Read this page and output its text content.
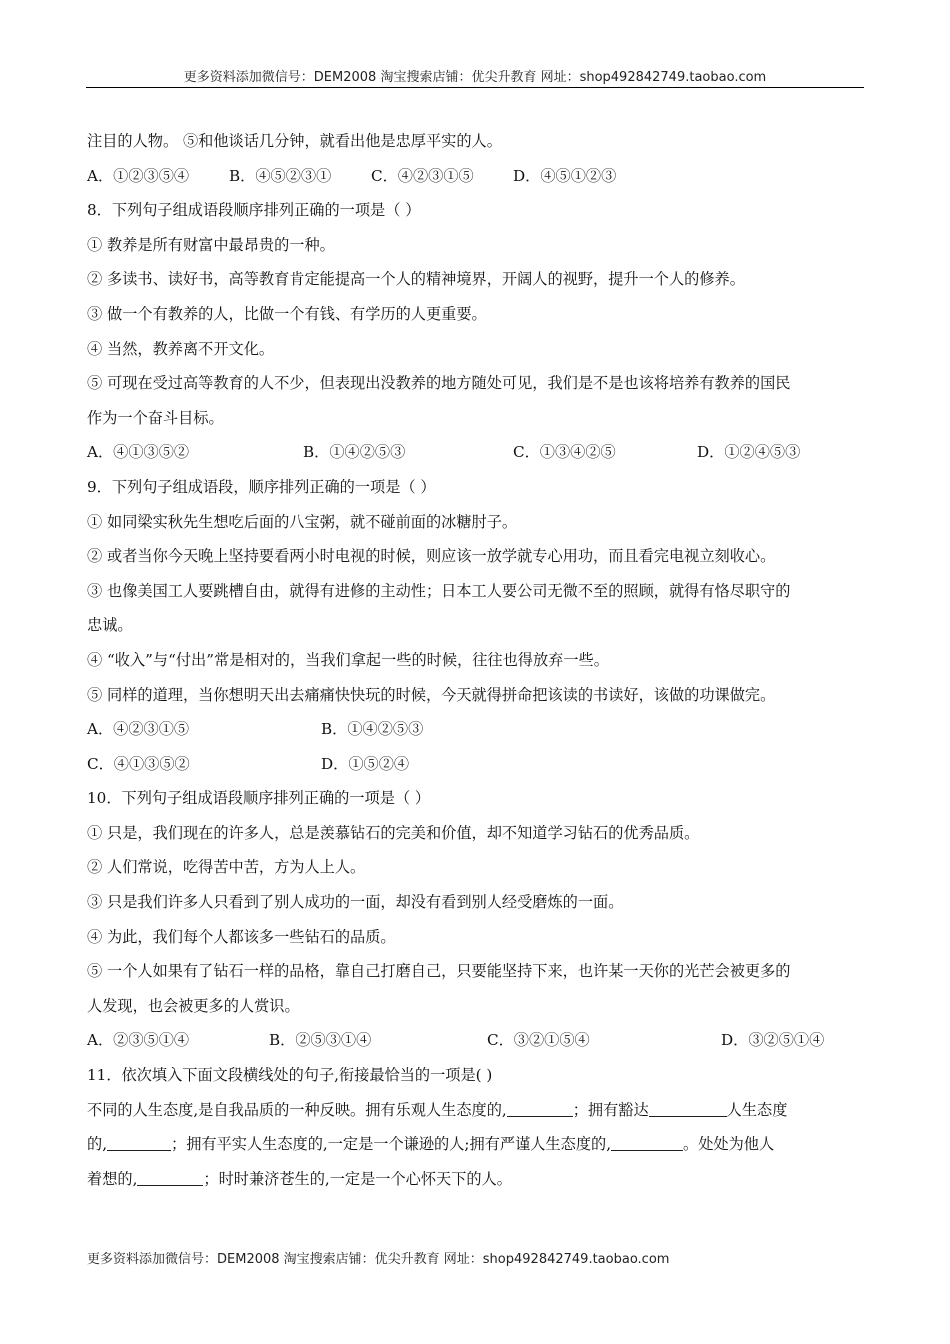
更多资料添加微信号：DEM2008 淘宝搜索店铺：优尖升教育 网址：shop492842749.taobao.com
注目的人物。 ⑤和他谈话几分钟，就看出他是忠厚平实的人。
A．①②③⑤④	B．④⑤②③①	C．④②③①⑤	D．④⑤①②③
8．下列句子组成语段顺序排列正确的一项是（ ）
① 教养是所有财富中最昂贵的一种。
② 多读书、读好书，高等教育肯定能提高一个人的精神境界，开阔人的视野，提升一个人的修养。
③ 做一个有教养的人，比做一个有钱、有学历的人更重要。
④ 当然，教养离不开文化。
⑤ 可现在受过高等教育的人不少，但表现出没教养的地方随处可见，我们是不是也该将培养有教养的国民
作为一个奋斗目标。
A．④①③⑤②	B．①④②⑤③	C．①③④②⑤	D．①②④⑤③
9．下列句子组成语段，顺序排列正确的一项是（ ）
① 如同梁实秋先生想吃后面的八宝粥，就不碰前面的冰糖肘子。
② 或者当你今天晚上坚持要看两小时电视的时候，则应该一放学就专心用功，而且看完电视立刻收心。
③ 也像美国工人要跳槽自由，就得有进修的主动性；日本工人要公司无微不至的照顾，就得有恪尽职守的
忠诚。
④ “收入”与“付出”常是相对的，当我们拿起一些的时候，往往也得放弃一些。
⑤ 同样的道理，当你想明天出去痛痛快快玩的时候，今天就得拼命把该读的书读好，该做的功课做完。
A．④②③①⑤	B．①④②⑤③
C．④①③⑤②	D．①⑤②④
10．下列句子组成语段顺序排列正确的一项是（ ）
① 只是，我们现在的许多人，总是羡慕钻石的完美和价值，却不知道学习钻石的优秀品质。
② 人们常说，吃得苦中苦，方为人上人。
③ 只是我们许多人只看到了别人成功的一面，却没有看到别人经受磨炼的一面。
④ 为此，我们每个人都该多一些钻石的品质。
⑤ 一个人如果有了钻石一样的品格，靠自己打磨自己，只要能坚持下来，也许某一天你的光芒会被更多的
人发现，也会被更多的人赏识。
A．②③⑤①④	B．②⑤③①④	C．③②①⑤④	D．③②⑤①④
11．依次填入下面文段横线处的句子,衔接最恰当的一项是( )
不同的人生态度,是自我品质的一种反映。拥有乐观人生态度的,	；拥有豁达	人生态度
的,	；拥有平实人生态度的,一定是一个谦逊的人;拥有严谨人生态度的,	。处处为他人
着想的,	；时时兼济苍生的,一定是一个心怀天下的人。
更多资料添加微信号：DEM2008 淘宝搜索店铺：优尖升教育 网址：shop492842749.taobao.com
